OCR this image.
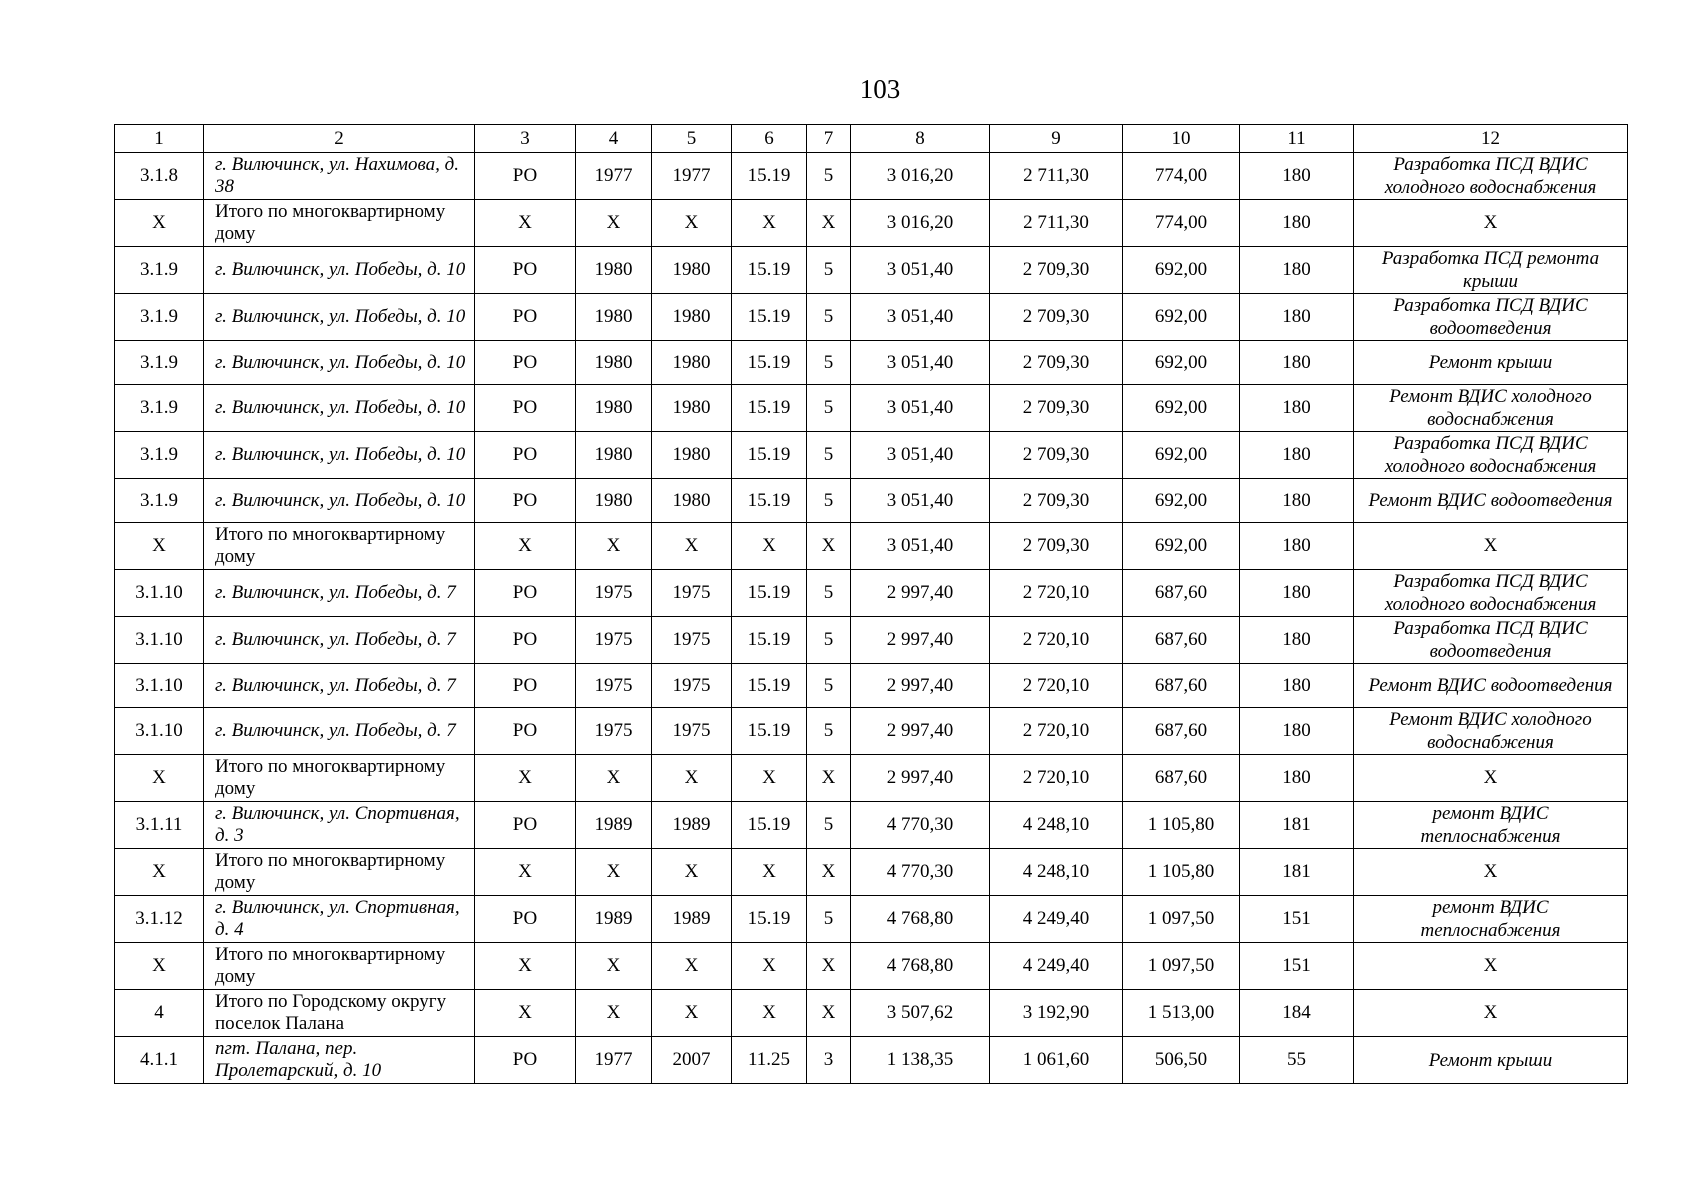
103
1	2	3	4	5	6	7	8	9	10	11	12
3.1.8	г. Вилючинск, ул. Нахимова, д. 38	РО	1977	1977	15.19	5	3 016,20	2 711,30	774,00	180	Разработка ПСД ВДИС холодного водоснабжения
X	Итого по многоквартирному дому	X	X	X	X	X	3 016,20	2 711,30	774,00	180	X
3.1.9	г. Вилючинск, ул. Победы, д. 10	РО	1980	1980	15.19	5	3 051,40	2 709,30	692,00	180	Разработка ПСД ремонта крыши
3.1.9	г. Вилючинск, ул. Победы, д. 10	РО	1980	1980	15.19	5	3 051,40	2 709,30	692,00	180	Разработка ПСД ВДИС водоотведения
3.1.9	г. Вилючинск, ул. Победы, д. 10	РО	1980	1980	15.19	5	3 051,40	2 709,30	692,00	180	Ремонт крыши
3.1.9	г. Вилючинск, ул. Победы, д. 10	РО	1980	1980	15.19	5	3 051,40	2 709,30	692,00	180	Ремонт ВДИС холодного водоснабжения
3.1.9	г. Вилючинск, ул. Победы, д. 10	РО	1980	1980	15.19	5	3 051,40	2 709,30	692,00	180	Разработка ПСД ВДИС холодного водоснабжения
3.1.9	г. Вилючинск, ул. Победы, д. 10	РО	1980	1980	15.19	5	3 051,40	2 709,30	692,00	180	Ремонт ВДИС водоотведения
X	Итого по многоквартирному дому	X	X	X	X	X	3 051,40	2 709,30	692,00	180	X
3.1.10	г. Вилючинск, ул. Победы, д. 7	РО	1975	1975	15.19	5	2 997,40	2 720,10	687,60	180	Разработка ПСД ВДИС холодного водоснабжения
3.1.10	г. Вилючинск, ул. Победы, д. 7	РО	1975	1975	15.19	5	2 997,40	2 720,10	687,60	180	Разработка ПСД ВДИС водоотведения
3.1.10	г. Вилючинск, ул. Победы, д. 7	РО	1975	1975	15.19	5	2 997,40	2 720,10	687,60	180	Ремонт ВДИС водоотведения
3.1.10	г. Вилючинск, ул. Победы, д. 7	РО	1975	1975	15.19	5	2 997,40	2 720,10	687,60	180	Ремонт ВДИС холодного водоснабжения
X	Итого по многоквартирному дому	X	X	X	X	X	2 997,40	2 720,10	687,60	180	X
3.1.11	г. Вилючинск, ул. Спортивная, д. 3	РО	1989	1989	15.19	5	4 770,30	4 248,10	1 105,80	181	ремонт ВДИС теплоснабжения
X	Итого по многоквартирному дому	X	X	X	X	X	4 770,30	4 248,10	1 105,80	181	X
3.1.12	г. Вилючинск, ул. Спортивная, д. 4	РО	1989	1989	15.19	5	4 768,80	4 249,40	1 097,50	151	ремонт ВДИС теплоснабжения
X	Итого по многоквартирному дому	X	X	X	X	X	4 768,80	4 249,40	1 097,50	151	X
4	Итого по Городскому округу поселок Палана	X	X	X	X	X	3 507,62	3 192,90	1 513,00	184	X
4.1.1	пгт. Палана, пер. Пролетарский, д. 10	РО	1977	2007	11.25	3	1 138,35	1 061,60	506,50	55	Ремонт крыши
